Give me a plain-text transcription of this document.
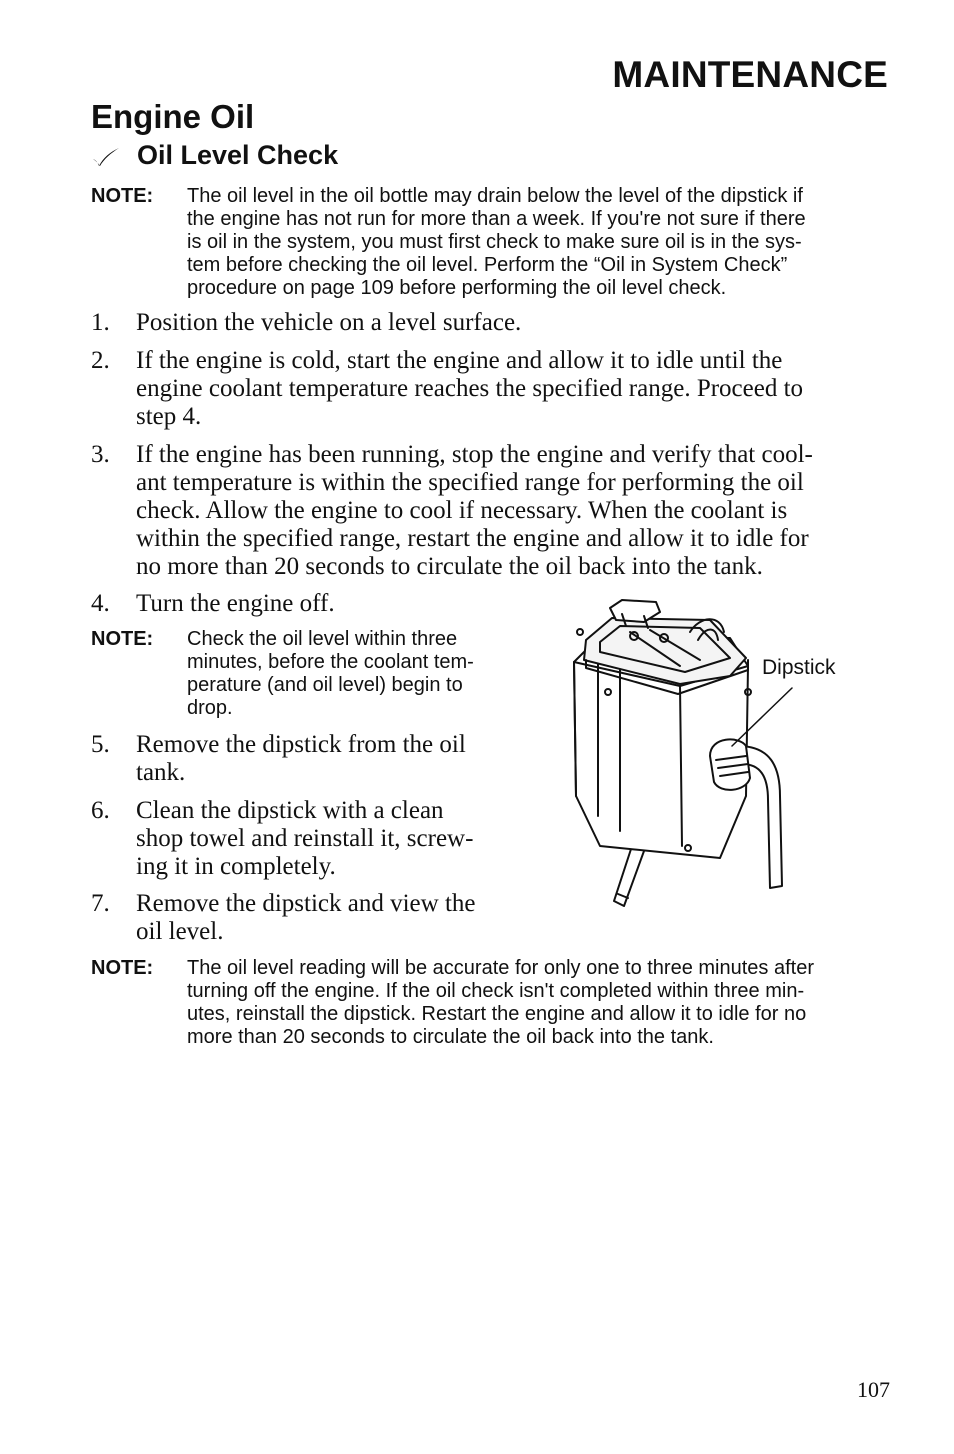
MAINTENANCE
Engine Oil
Oil Level Check
NOTE: The oil level in the oil bottle may drain below the level of the dipstick if
the engine has not run for more than a week. If you're not sure if there
is oil in the system, you must first check to make sure oil is in the sys-
tem before checking the oil level. Perform the “Oil in System Check”
procedure on page 109 before performing the oil level check.
1. Position the vehicle on a level surface.
2. If the engine is cold, start the engine and allow it to idle until the
engine coolant temperature reaches the specified range. Proceed to
step 4.
3. If the engine has been running, stop the engine and verify that cool-
ant temperature is within the specified range for performing the oil
check. Allow the engine to cool if necessary. When the coolant is
within the specified range, restart the engine and allow it to idle for
no more than 20 seconds to circulate the oil back into the tank.
4. Turn the engine off.
NOTE: Check the oil level within three
minutes, before the coolant tem-
perature (and oil level) begin to
drop.
5. Remove the dipstick from the oil
tank.
6. Clean the dipstick with a clean
shop towel and reinstall it, screw-
ing it in completely.
7. Remove the dipstick and view the
oil level.
NOTE: The oil level reading will be accurate for only one to three minutes after
turning off the engine. If the oil check isn't completed within three min-
utes, reinstall the dipstick. Restart the engine and allow it to idle for no
more than 20 seconds to circulate the oil back into the tank.
Dipstick
107
